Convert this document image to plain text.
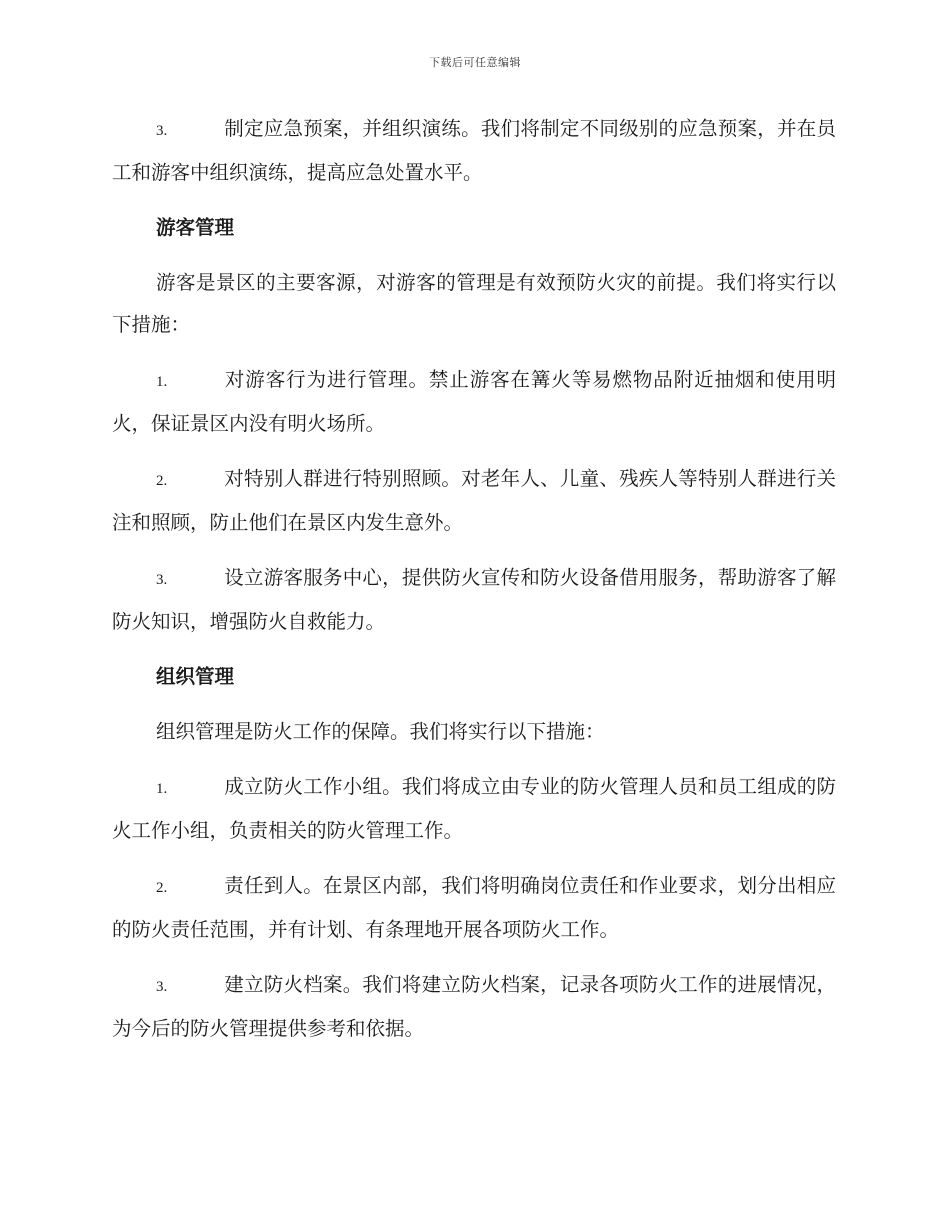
下载后可任意编辑

3.	制定应急预案，并组织演练。我们将制定不同级别的应急预案，并在员工和游客中组织演练，提高应急处置水平。

游客管理

游客是景区的主要客源，对游客的管理是有效预防火灾的前提。我们将实行以下措施：

1.	对游客行为进行管理。禁止游客在篝火等易燃物品附近抽烟和使用明火，保证景区内没有明火场所。

2.	对特别人群进行特别照顾。对老年人、儿童、残疾人等特别人群进行关注和照顾，防止他们在景区内发生意外。

3.	设立游客服务中心，提供防火宣传和防火设备借用服务，帮助游客了解防火知识，增强防火自救能力。

组织管理

组织管理是防火工作的保障。我们将实行以下措施：

1.	成立防火工作小组。我们将成立由专业的防火管理人员和员工组成的防火工作小组，负责相关的防火管理工作。

2.	责任到人。在景区内部，我们将明确岗位责任和作业要求，划分出相应的防火责任范围，并有计划、有条理地开展各项防火工作。

3.	建立防火档案。我们将建立防火档案，记录各项防火工作的进展情况，为今后的防火管理提供参考和依据。
